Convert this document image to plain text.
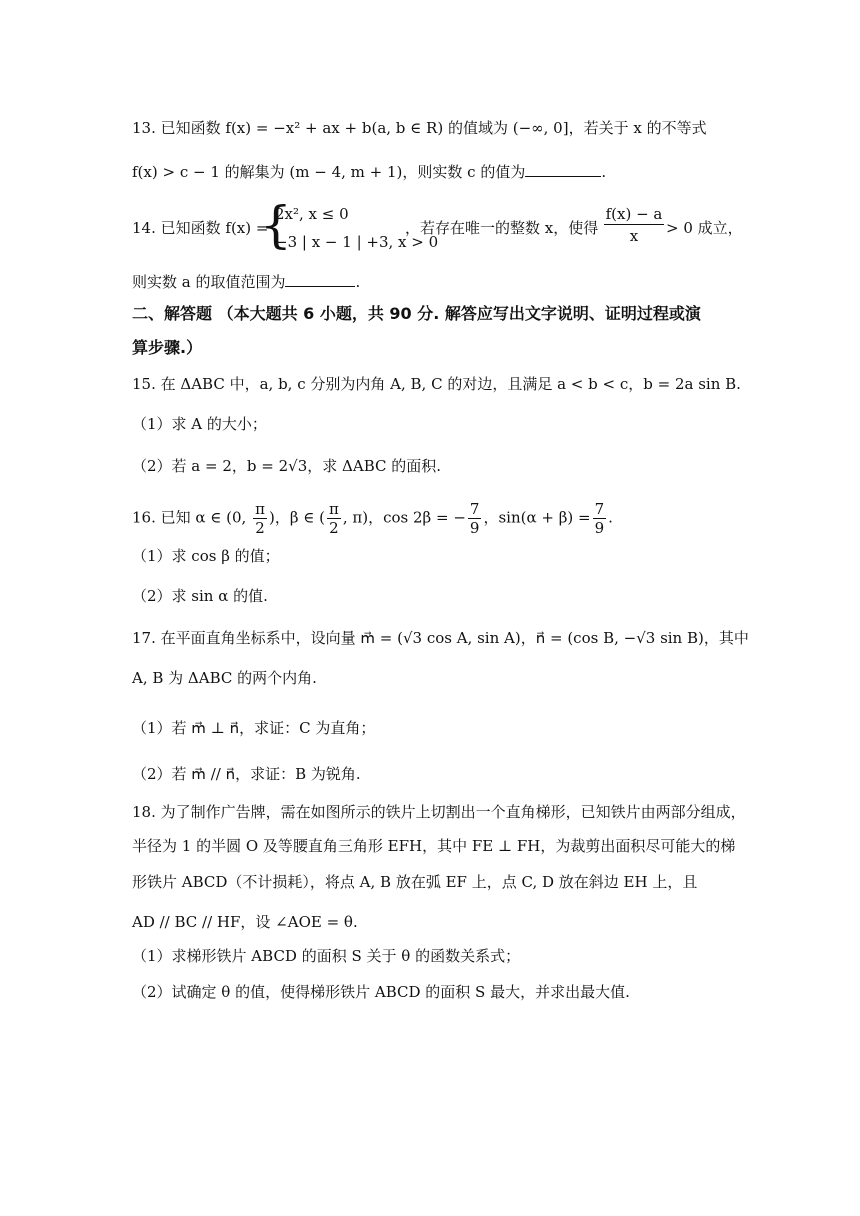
13. 已知函数 f(x) = −x² + ax + b(a, b ∈ R) 的值域为 (−∞, 0]，若关于 x 的不等式
f(x) > c − 1 的解集为 (m − 4, m + 1)，则实数 c 的值为	.
14. 已知函数 f(x) =
{
2x², x ≤ 0
−3 | x − 1 | +3, x > 0
，若存在唯一的整数 x，使得 $\frac{f(x) - a}{x} > 0$ 成立，
则实数 a 的取值范围为	.
二、解答题 （本大题共 6 小题，共 90 分. 解答应写出文字说明、证明过程或演
算步骤.）
15. 在 ΔABC 中，a, b, c 分别为内角 A, B, C 的对边，且满足 a < b < c，b = 2a sin B.
（1）求 A 的大小；
（2）若 a = 2，b = 2√3，求 ΔABC 的面积.
16. 已知 α ∈ (0, $\frac{\pi}{2}$ )，β ∈ ( $\frac{\pi}{2}$ , π)，cos 2β = − $\frac{7}{9}$ ，$\sin(\alpha + \beta) = \frac{7}{9}$ .
（1）求 cos β 的值；
（2）求 sin α 的值.
17. 在平面直角坐标系中，设向量 m⃗ = (√3 cos A, sin A)，n⃗ = (cos B, −√3 sin B)，其中
A, B 为 ΔABC 的两个内角.
（1）若 m⃗ ⊥ n⃗，求证：C 为直角；
（2）若 m⃗ // n⃗，求证：B 为锐角.
18. 为了制作广告牌，需在如图所示的铁片上切割出一个直角梯形，已知铁片由两部分组成，
半径为 1 的半圆 O 及等腰直角三角形 EFH，其中 FE ⊥ FH，为裁剪出面积尽可能大的梯
形铁片 ABCD（不计损耗），将点 A, B 放在弧 EF 上，点 C, D 放在斜边 EH 上，且
AD // BC // HF，设 ∠AOE = θ.
（1）求梯形铁片 ABCD 的面积 S 关于 θ 的函数关系式；
（2）试确定 θ 的值，使得梯形铁片 ABCD 的面积 S 最大，并求出最大值.
